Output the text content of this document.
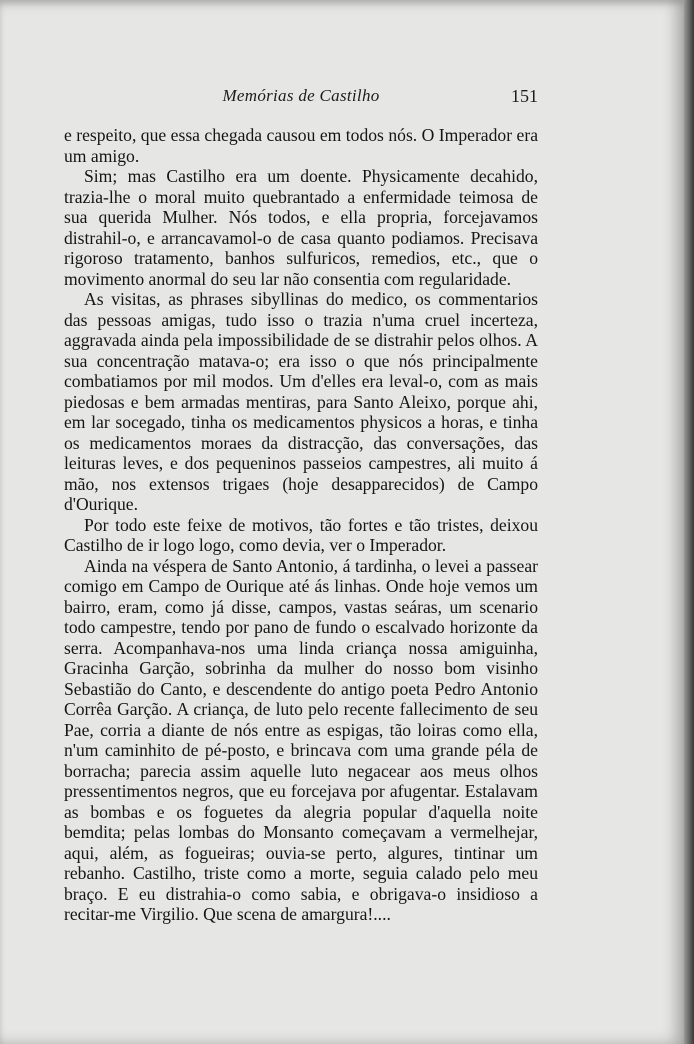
Memórias de Castilho	151

e respeito, que essa chegada causou em todos nós. O Imperador era um amigo.

Sim; mas Castilho era um doente. Physicamente decahido, trazia-lhe o moral muito quebrantado a enfermidade teimosa de sua querida Mulher. Nós todos, e ella propria, forcejavamos distrahil-o, e arrancavamol-o de casa quanto podiamos. Precisava rigoroso tratamento, banhos sulfuricos, remedios, etc., que o movimento anormal do seu lar não consentia com regularidade.

As visitas, as phrases sibyllinas do medico, os commentarios das pessoas amigas, tudo isso o trazia n'uma cruel incerteza, aggravada ainda pela impossibilidade de se distrahir pelos olhos. A sua concentração matava-o; era isso o que nós principalmente combatiamos por mil modos. Um d'elles era leval-o, com as mais piedosas e bem armadas mentiras, para Santo Aleixo, porque ahi, em lar socegado, tinha os medicamentos physicos a horas, e tinha os medicamentos moraes da distracção, das conversações, das leituras leves, e dos pequeninos passeios campestres, ali muito á mão, nos extensos trigaes (hoje desapparecidos) de Campo d'Ourique.

Por todo este feixe de motivos, tão fortes e tão tristes, deixou Castilho de ir logo logo, como devia, ver o Imperador.

Ainda na véspera de Santo Antonio, á tardinha, o levei a passear comigo em Campo de Ourique até ás linhas. Onde hoje vemos um bairro, eram, como já disse, campos, vastas seáras, um scenario todo campestre, tendo por pano de fundo o escalvado horizonte da serra. Acompanhava-nos uma linda criança nossa amiguinha, Gracinha Garção, sobrinha da mulher do nosso bom visinho Sebastião do Canto, e descendente do antigo poeta Pedro Antonio Corrêa Garção. A criança, de luto pelo recente fallecimento de seu Pae, corria a diante de nós entre as espigas, tão loiras como ella, n'um caminhito de pé-posto, e brincava com uma grande péla de borracha; parecia assim aquelle luto negacear aos meus olhos pressentimentos negros, que eu forcejava por afugentar. Estalavam as bombas e os foguetes da alegria popular d'aquella noite bemdita; pelas lombas do Monsanto começavam a vermelhejar, aqui, além, as fogueiras; ouvia-se perto, algures, tintinar um rebanho. Castilho, triste como a morte, seguia calado pelo meu braço. E eu distrahia-o como sabia, e obrigava-o insidioso a recitar-me Virgilio. Que scena de amargura!....
